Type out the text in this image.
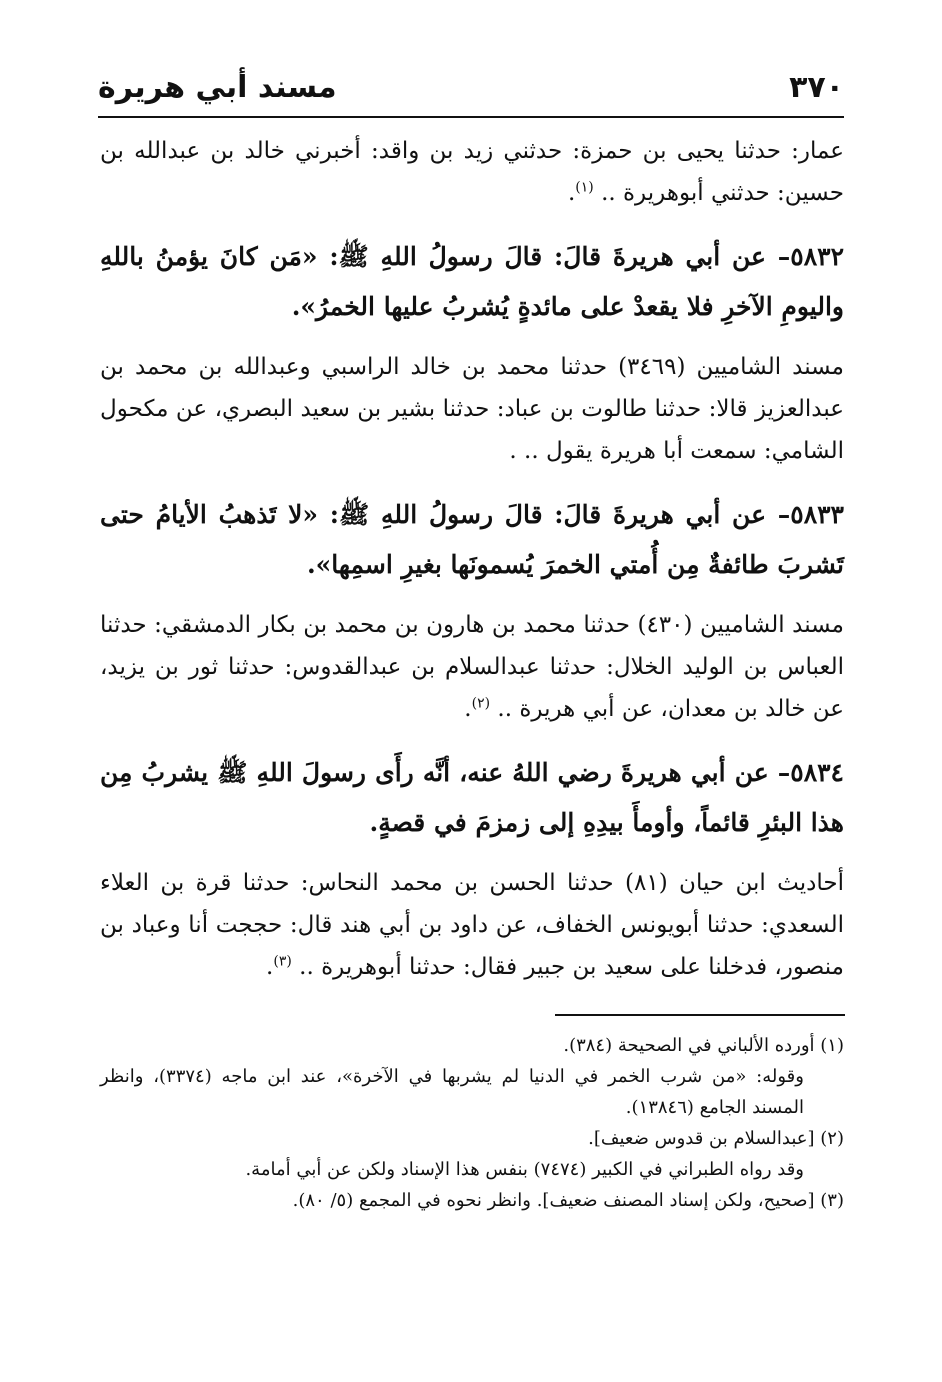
٣٧٠
مسند أبي هريرة

عمار: حدثنا يحيى بن حمزة: حدثني زيد بن واقد: أخبرني خالد بن عبدالله بن حسين: حدثني أبوهريرة .. $^{(١)}$.

٥٨٣٢– عن أبي هريرةَ قالَ: قالَ رسولُ اللهِ ﷺ: «مَن كانَ يؤمنُ باللهِ واليومِ الآخرِ فلا يقعدْ على مائدةٍ يُشربُ عليها الخمرُ».

مسند الشاميين (٣٤٦٩) حدثنا محمد بن خالد الراسبي وعبدالله بن محمد بن عبدالعزيز قالا: حدثنا طالوت بن عباد: حدثنا بشير بن سعيد البصري، عن مكحول الشامي: سمعت أبا هريرة يقول .. .

٥٨٣٣– عن أبي هريرةَ قالَ: قالَ رسولُ اللهِ ﷺ: «لا تَذهبُ الأيامُ حتى تَشربَ طائفةٌ مِن أُمتي الخمرَ يُسمونَها بغيرِ اسمِها».

مسند الشاميين (٤٣٠) حدثنا محمد بن هارون بن محمد بن بكار الدمشقي: حدثنا العباس بن الوليد الخلال: حدثنا عبدالسلام بن عبدالقدوس: حدثنا ثور بن يزيد، عن خالد بن معدان، عن أبي هريرة .. $^{(٢)}$.

٥٨٣٤– عن أبي هريرةَ رضي اللهُ عنه، أنَّه رأَى رسولَ اللهِ ﷺ يشربُ مِن هذا البئرِ قائماً، وأومأَ بيدِهِ إلى زمزمَ في قصةٍ.

أحاديث ابن حيان (٨١) حدثنا الحسن بن محمد النحاس: حدثنا قرة بن العلاء السعدي: حدثنا أبويونس الخفاف، عن داود بن أبي هند قال: حججت أنا وعباد بن منصور، فدخلنا على سعيد بن جبير فقال: حدثنا أبوهريرة .. $^{(٣)}$.

(١) أورده الألباني في الصحيحة (٣٨٤).

وقوله: «من شرب الخمر في الدنيا لم يشربها في الآخرة»، عند ابن ماجه (٣٣٧٤)، وانظر المسند الجامع (١٣٨٤٦).

(٢) [عبدالسلام بن قدوس ضعيف].

وقد رواه الطبراني في الكبير (٧٤٧٤) بنفس هذا الإسناد ولكن عن أبي أمامة.

(٣) [صحيح، ولكن إسناد المصنف ضعيف]. وانظر نحوه في المجمع (٥/ ٨٠).
